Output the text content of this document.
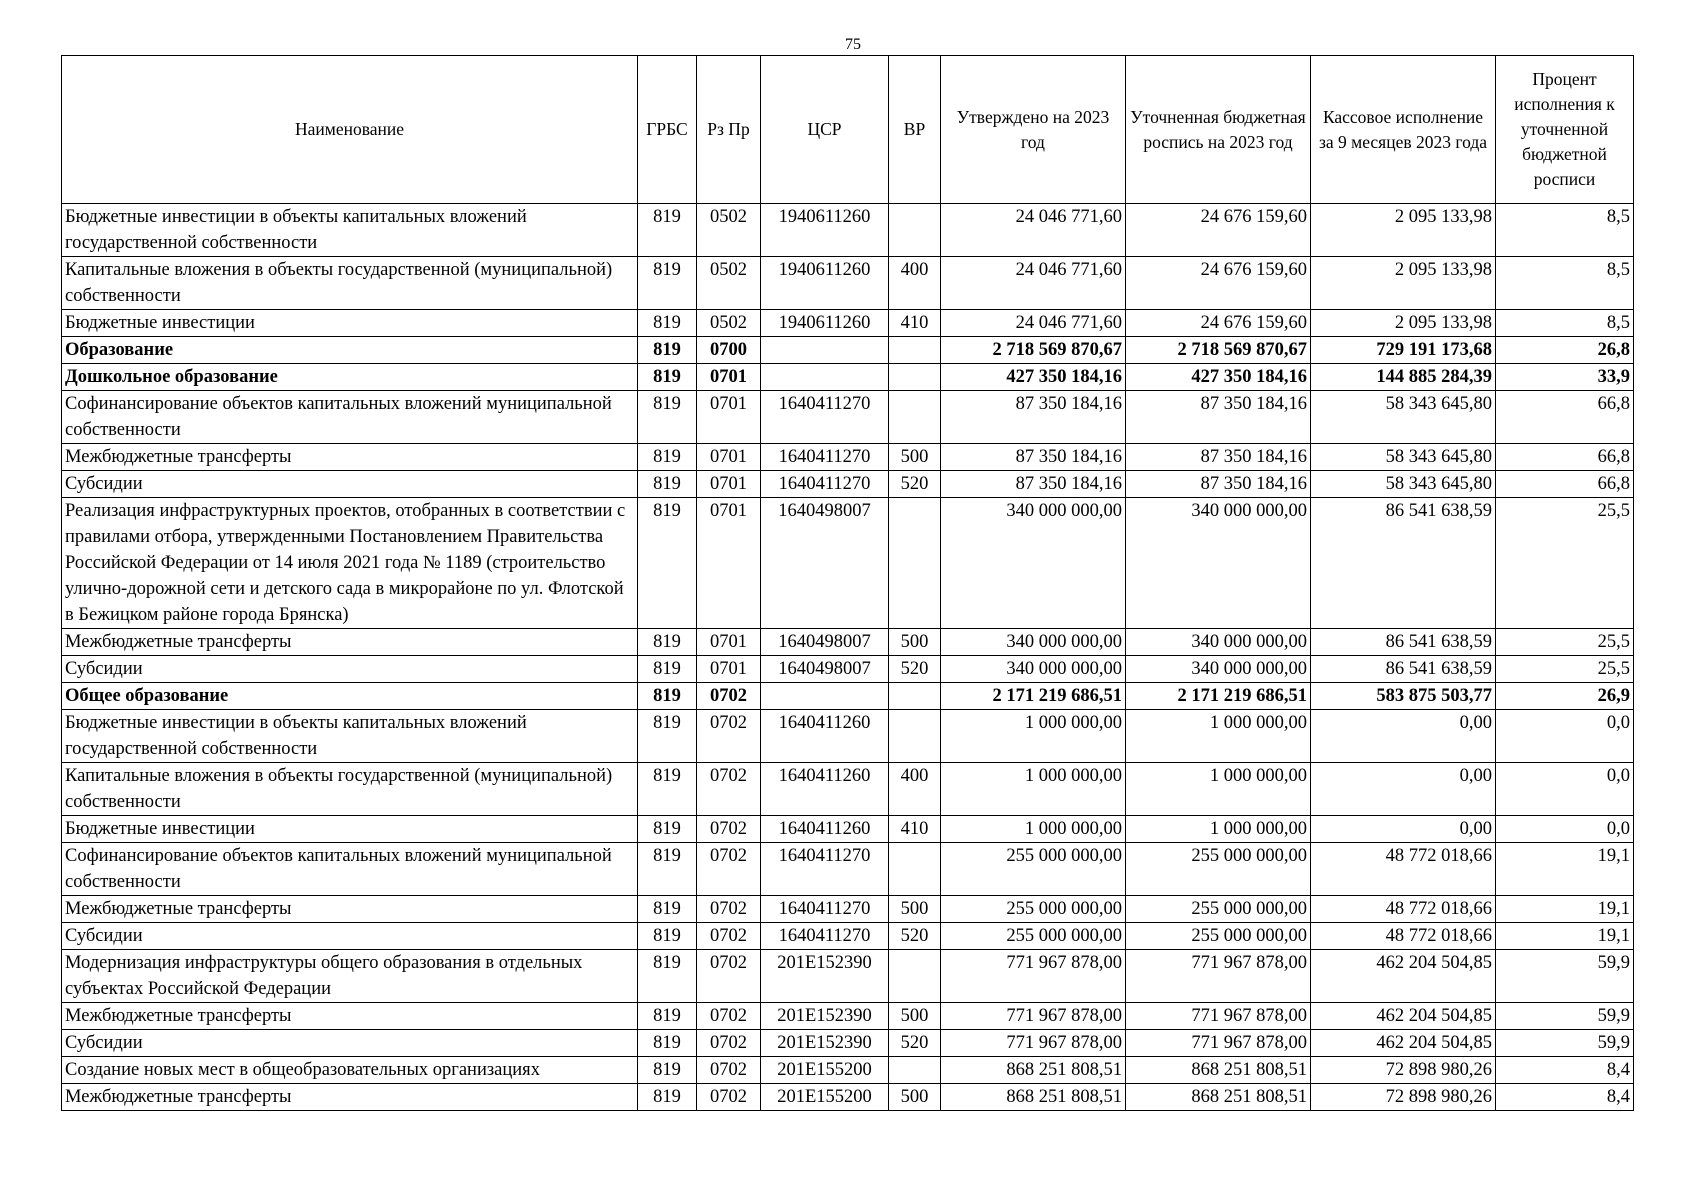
75
Наименование	ГРБС	Рз Пр	ЦСР	ВР	Утверждено на 2023 год	Уточненная бюджетная роспись на 2023 год	Кассовое исполнение за 9 месяцев 2023 года	Процент исполнения к уточненной бюджетной росписи
Бюджетные инвестиции в объекты капитальных вложений государственной собственности	819	0502	1940611260		24 046 771,60	24 676 159,60	2 095 133,98	8,5
Капитальные вложения в объекты государственной (муниципальной) собственности	819	0502	1940611260	400	24 046 771,60	24 676 159,60	2 095 133,98	8,5
Бюджетные инвестиции	819	0502	1940611260	410	24 046 771,60	24 676 159,60	2 095 133,98	8,5
Образование	819	0700			2 718 569 870,67	2 718 569 870,67	729 191 173,68	26,8
Дошкольное образование	819	0701			427 350 184,16	427 350 184,16	144 885 284,39	33,9
Софинансирование объектов капитальных вложений муниципальной собственности	819	0701	1640411270		87 350 184,16	87 350 184,16	58 343 645,80	66,8
Межбюджетные трансферты	819	0701	1640411270	500	87 350 184,16	87 350 184,16	58 343 645,80	66,8
Субсидии	819	0701	1640411270	520	87 350 184,16	87 350 184,16	58 343 645,80	66,8
Реализация инфраструктурных проектов, отобранных в соответствии с правилами отбора, утвержденными Постановлением Правительства Российской Федерации от 14 июля 2021 года № 1189 (строительство улично-дорожной сети и детского сада в микрорайоне по ул. Флотской в Бежицком районе города Брянска)	819	0701	1640498007		340 000 000,00	340 000 000,00	86 541 638,59	25,5
Межбюджетные трансферты	819	0701	1640498007	500	340 000 000,00	340 000 000,00	86 541 638,59	25,5
Субсидии	819	0701	1640498007	520	340 000 000,00	340 000 000,00	86 541 638,59	25,5
Общее образование	819	0702			2 171 219 686,51	2 171 219 686,51	583 875 503,77	26,9
Бюджетные инвестиции в объекты капитальных вложений государственной собственности	819	0702	1640411260		1 000 000,00	1 000 000,00	0,00	0,0
Капитальные вложения в объекты государственной (муниципальной) собственности	819	0702	1640411260	400	1 000 000,00	1 000 000,00	0,00	0,0
Бюджетные инвестиции	819	0702	1640411260	410	1 000 000,00	1 000 000,00	0,00	0,0
Софинансирование объектов капитальных вложений муниципальной собственности	819	0702	1640411270		255 000 000,00	255 000 000,00	48 772 018,66	19,1
Межбюджетные трансферты	819	0702	1640411270	500	255 000 000,00	255 000 000,00	48 772 018,66	19,1
Субсидии	819	0702	1640411270	520	255 000 000,00	255 000 000,00	48 772 018,66	19,1
Модернизация инфраструктуры общего образования в отдельных субъектах Российской Федерации	819	0702	201E152390		771 967 878,00	771 967 878,00	462 204 504,85	59,9
Межбюджетные трансферты	819	0702	201E152390	500	771 967 878,00	771 967 878,00	462 204 504,85	59,9
Субсидии	819	0702	201E152390	520	771 967 878,00	771 967 878,00	462 204 504,85	59,9
Создание новых мест в общеобразовательных организациях	819	0702	201E155200		868 251 808,51	868 251 808,51	72 898 980,26	8,4
Межбюджетные трансферты	819	0702	201E155200	500	868 251 808,51	868 251 808,51	72 898 980,26	8,4
